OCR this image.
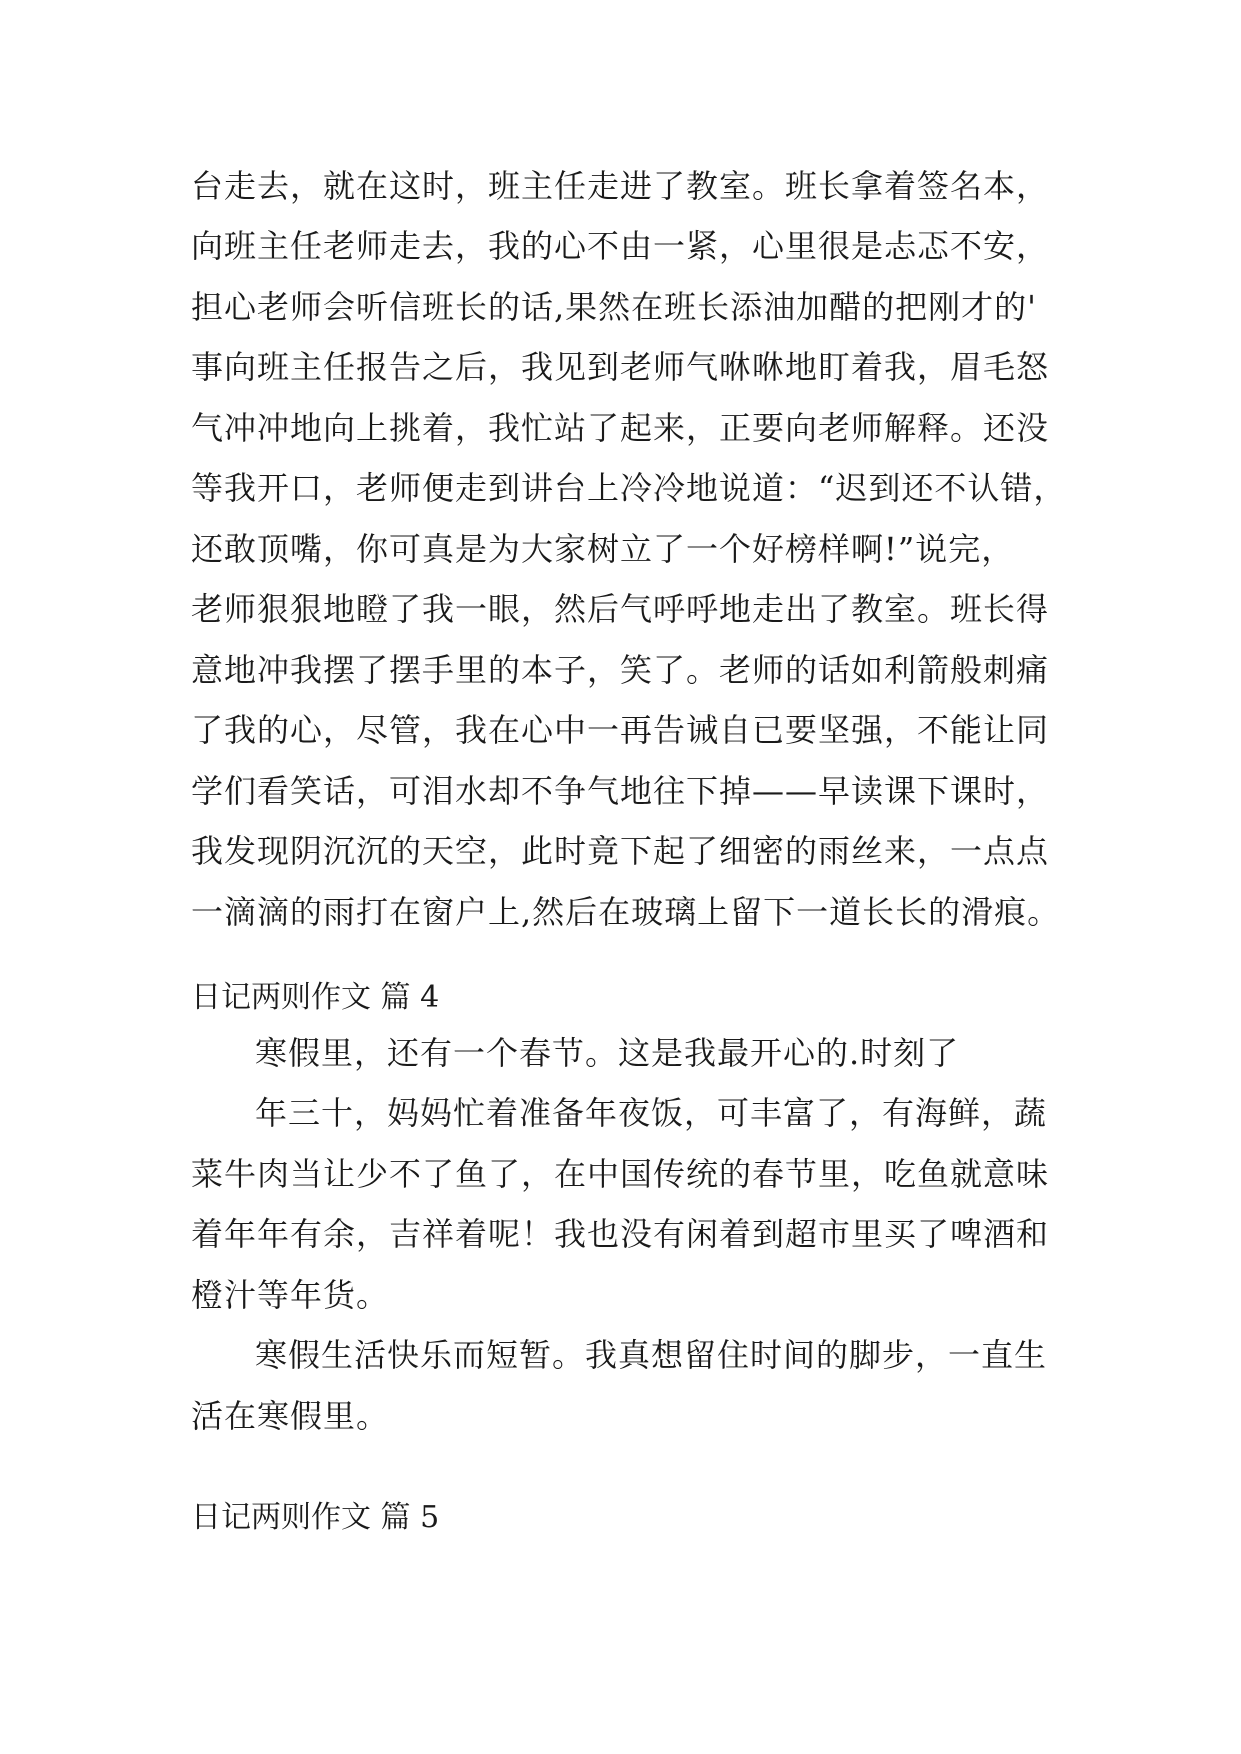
台走去，就在这时，班主任走进了教室。班长拿着签名本，
向班主任老师走去，我的心不由一紧，心里很是忐忑不安，
担心老师会听信班长的话,果然在班长添油加醋的把刚才的'
事向班主任报告之后，我见到老师气咻咻地盯着我，眉毛怒
气冲冲地向上挑着，我忙站了起来，正要向老师解释。还没
等我开口，老师便走到讲台上冷冷地说道：“迟到还不认错，
还敢顶嘴，你可真是为大家树立了一个好榜样啊!”说完，
老师狠狠地瞪了我一眼，然后气呼呼地走出了教室。班长得
意地冲我摆了摆手里的本子，笑了。老师的话如利箭般刺痛
了我的心，尽管，我在心中一再告诫自已要坚强，不能让同
学们看笑话，可泪水却不争气地往下掉——早读课下课时，
我发现阴沉沉的天空，此时竟下起了细密的雨丝来，一点点
一滴滴的雨打在窗户上,然后在玻璃上留下一道长长的滑痕。
日记两则作文 篇 4
寒假里，还有一个春节。这是我最开心的.时刻了
年三十，妈妈忙着准备年夜饭，可丰富了，有海鲜，蔬
菜牛肉当让少不了鱼了，在中国传统的春节里，吃鱼就意味
着年年有余，吉祥着呢！我也没有闲着到超市里买了啤酒和
橙汁等年货。
寒假生活快乐而短暂。我真想留住时间的脚步，一直生
活在寒假里。
日记两则作文 篇 5
